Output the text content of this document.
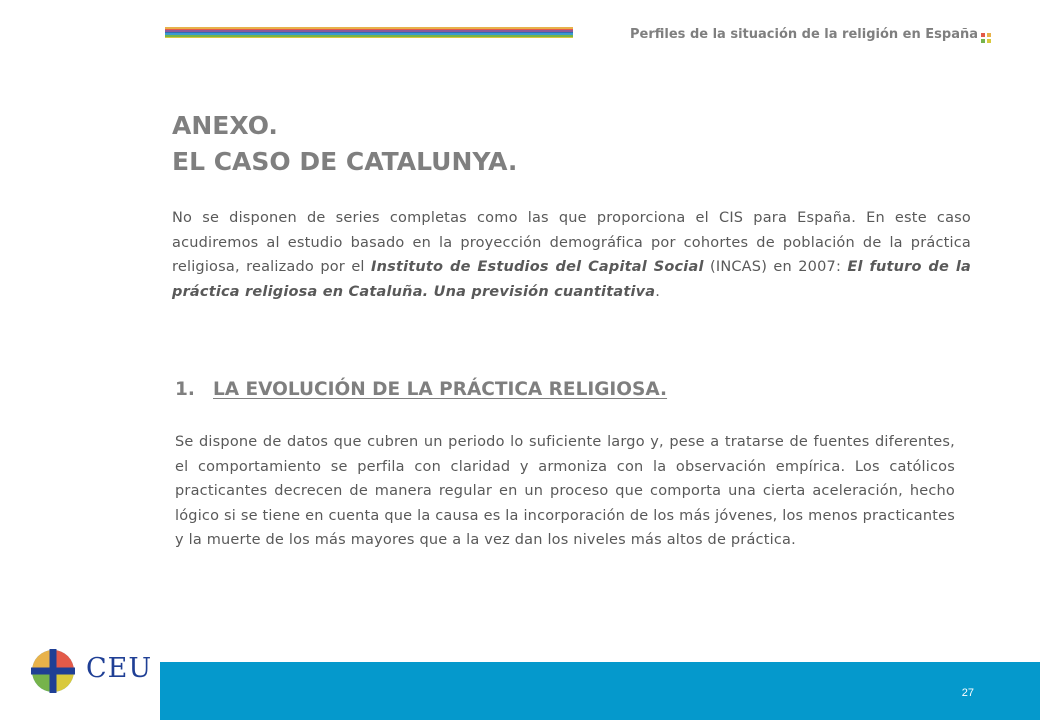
Perfiles de la situación de la religión en España
ANEXO.
EL CASO DE CATALUNYA.

No se disponen de series completas como las que proporciona el CIS para España. En este caso acudiremos al estudio basado en la proyección demográfica por cohortes de población de la práctica religiosa, realizado por el Instituto de Estudios del Capital Social (INCAS) en 2007: El futuro de la práctica religiosa en Cataluña. Una previsión cuantitativa.

1. LA EVOLUCIÓN DE LA PRÁCTICA RELIGIOSA.

Se dispone de datos que cubren un periodo lo suficiente largo y, pese a tratarse de fuentes diferentes, el comportamiento se perfila con claridad y armoniza con la observación empírica. Los católicos practicantes decrecen de manera regular en un proceso que comporta una cierta aceleración, hecho lógico si se tiene en cuenta que la causa es la incorporación de los más jóvenes, los menos practicantes y la muerte de los más mayores que a la vez dan los niveles más altos de práctica.

CEU
27
